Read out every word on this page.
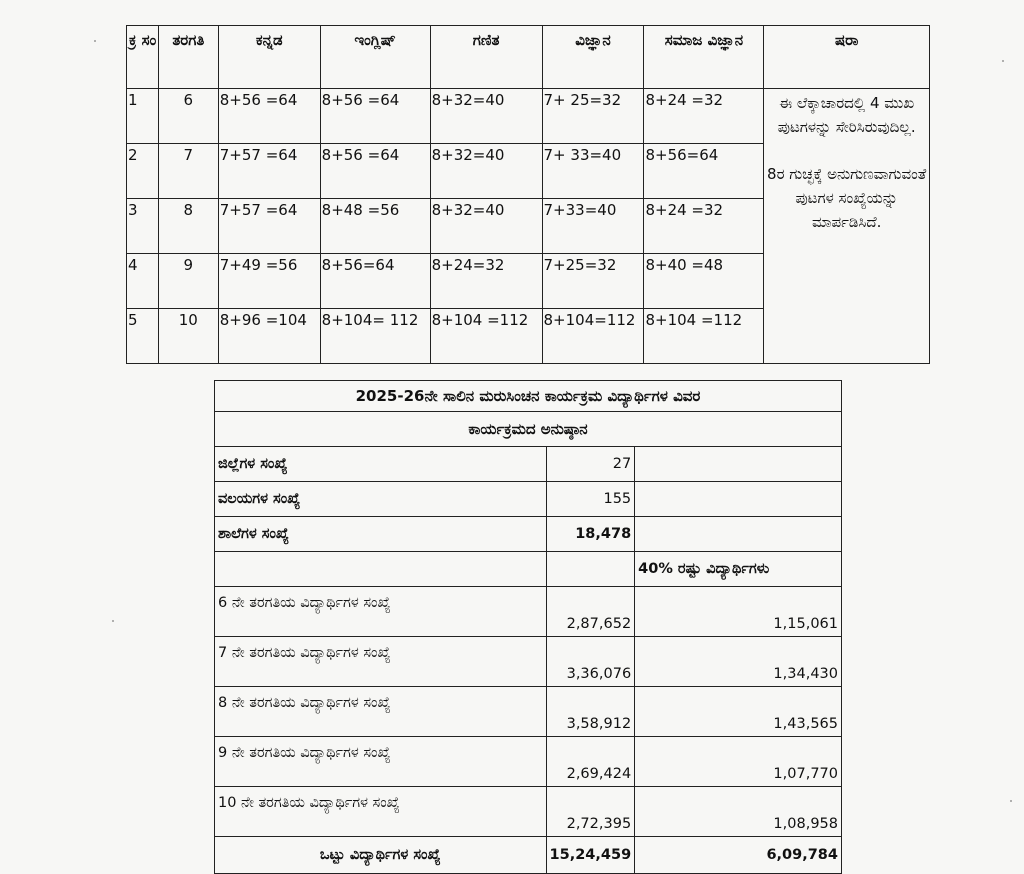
ಕ್ರ ಸಂ	ತರಗತಿ	ಕನ್ನಡ	ಇಂಗ್ಲಿಷ್	ಗಣಿತ	ವಿಜ್ಞಾನ	ಸಮಾಜ ವಿಜ್ಞಾನ	ಷರಾ
1	6	8+56 =64	8+56 =64	8+32=40	7+ 25=32	8+24 =32	ಈ ಲೆಕ್ಕಾಚಾರದಲ್ಲಿ 4 ಮುಖ ಪುಟಗಳನ್ನು ಸೇರಿಸಿರುವುದಿಲ್ಲ.
8ರ ಗುಚ್ಛಕ್ಕೆ ಅನುಗುಣವಾಗುವಂತೆ ಪುಟಗಳ ಸಂಖ್ಯೆಯನ್ನು ಮಾರ್ಪಡಿಸಿದೆ.

2	7	7+57 =64	8+56 =64	8+32=40	7+ 33=40	8+56=64	
3	8	7+57 =64	8+48 =56	8+32=40	7+33=40	8+24 =32	
4	9	7+49 =56	8+56=64	8+24=32	7+25=32	8+40 =48	
5	10	8+96 =104	8+104= 112	8+104 =112	8+104=112	8+104 =112	
2025-26ನೇ ಸಾಲಿನ ಮರುಸಿಂಚನ ಕಾರ್ಯಕ್ರಮ ವಿದ್ಯಾರ್ಥಿಗಳ ವಿವರ		
ಕಾರ್ಯಕ್ರಮದ ಅನುಷ್ಠಾನ		
ಜಿಲ್ಲೆಗಳ ಸಂಖ್ಯೆ	27	
ವಲಯಗಳ ಸಂಖ್ಯೆ	155	
ಶಾಲೆಗಳ ಸಂಖ್ಯೆ	18,478	
		40% ರಷ್ಟು ವಿದ್ಯಾರ್ಥಿಗಳು
6 ನೇ ತರಗತಿಯ ವಿದ್ಯಾರ್ಥಿಗಳ ಸಂಖ್ಯೆ	2,87,652	1,15,061
7 ನೇ ತರಗತಿಯ ವಿದ್ಯಾರ್ಥಿಗಳ ಸಂಖ್ಯೆ	3,36,076	1,34,430
8 ನೇ ತರಗತಿಯ ವಿದ್ಯಾರ್ಥಿಗಳ ಸಂಖ್ಯೆ	3,58,912	1,43,565
9 ನೇ ತರಗತಿಯ ವಿದ್ಯಾರ್ಥಿಗಳ ಸಂಖ್ಯೆ	2,69,424	1,07,770
10 ನೇ ತರಗತಿಯ ವಿದ್ಯಾರ್ಥಿಗಳ ಸಂಖ್ಯೆ	2,72,395	1,08,958
ಒಟ್ಟು ವಿದ್ಯಾರ್ಥಿಗಳ ಸಂಖ್ಯೆ	15,24,459	6,09,784
